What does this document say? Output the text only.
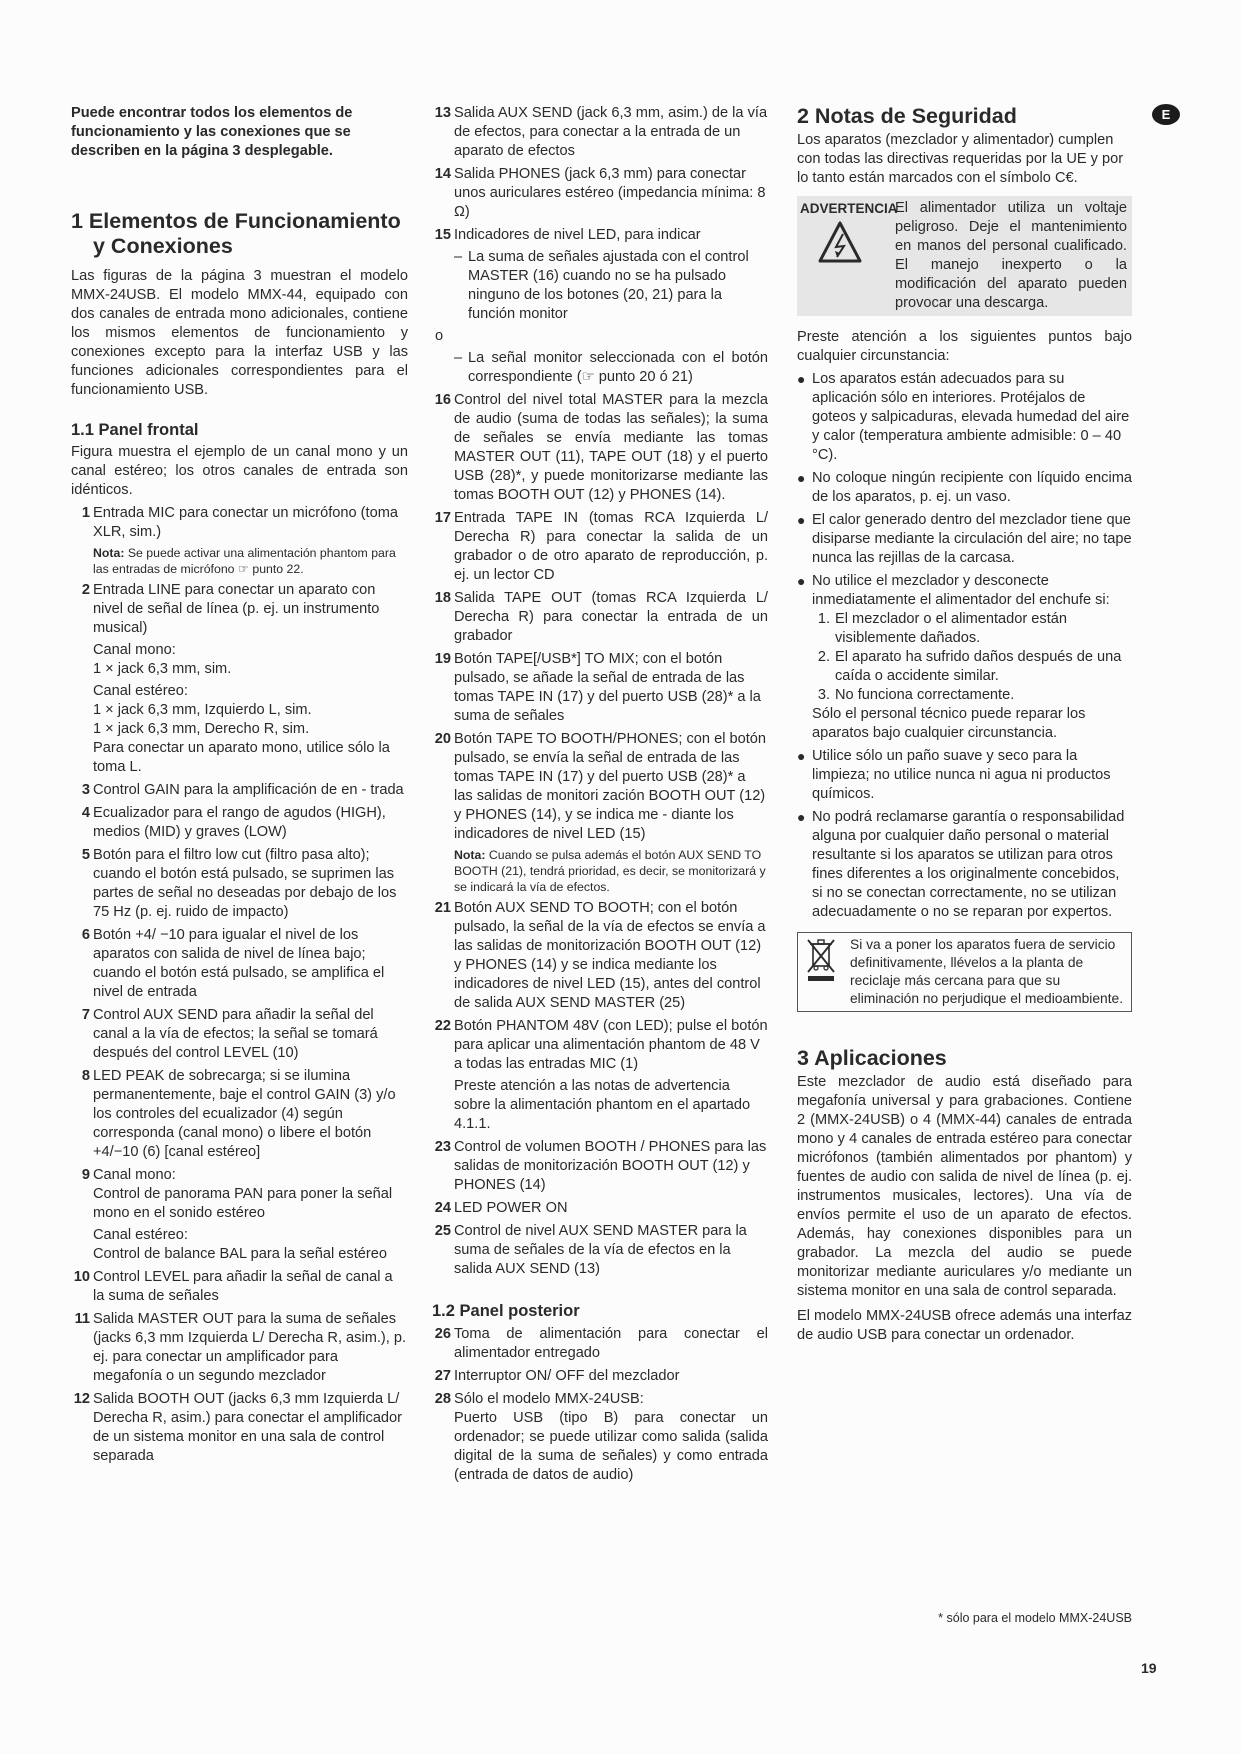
E

Puede encontrar todos los elementos de funcionamiento y las conexiones que se describen en la página 3 desplegable.

1 Elementos de Funcionamiento
y Conexiones

Las figuras de la página 3 muestran el modelo MMX-24USB. El modelo MMX-44, equipado con dos canales de entrada mono adicionales, contiene los mismos elementos de funcionamiento y conexiones excepto para la interfaz USB y las funciones adicionales correspondientes para el funcionamiento USB.

1.1 Panel frontal

Figura muestra el ejemplo de un canal mono y un canal estéreo; los otros canales de entrada son idénticos.

1 Entrada MIC para conectar un micrófono (toma XLR, sim.)

Nota: Se puede activar una alimentación phantom para las entradas de micrófono ☞ punto 22.

2 Entrada LINE para conectar un aparato con nivel de señal de línea (p. ej. un instrumento musical)

Canal mono:

1 × jack 6,3 mm, sim.

Canal estéreo:

1 × jack 6,3 mm, Izquierdo L, sim.

1 × jack 6,3 mm, Derecho R, sim.

Para conectar un aparato mono, utilice sólo la toma L.

3 Control GAIN para la amplificación de en - trada

4 Ecualizador para el rango de agudos (HIGH), medios (MID) y graves (LOW)

5 Botón para el filtro low cut (filtro pasa alto); cuando el botón está pulsado, se suprimen las partes de señal no deseadas por debajo de los 75 Hz (p. ej. ruido de impacto)

6 Botón +4/ −10 para igualar el nivel de los aparatos con salida de nivel de línea bajo; cuando el botón está pulsado, se amplifica el nivel de entrada

7 Control AUX SEND para añadir la señal del canal a la vía de efectos; la señal se tomará después del control LEVEL (10)

8 LED PEAK de sobrecarga; si se ilumina permanentemente, baje el control GAIN (3) y/o los controles del ecualizador (4) según corresponda (canal mono) o libere el botón +4/−10 (6) [canal estéreo]

9 Canal mono:

Control de panorama PAN para poner la señal mono en el sonido estéreo

Canal estéreo:

Control de balance BAL para la señal estéreo

10 Control LEVEL para añadir la señal de canal a la suma de señales

11 Salida MASTER OUT para la suma de señales (jacks 6,3 mm Izquierda L/ Derecha R, asim.), p. ej. para conectar un amplificador para megafonía o un segundo mezclador

12 Salida BOOTH OUT (jacks 6,3 mm Izquierda L/ Derecha R, asim.) para conectar el amplificador de un sistema monitor en una sala de control separada

13 Salida AUX SEND (jack 6,3 mm, asim.) de la vía de efectos, para conectar a la entrada de un aparato de efectos

14 Salida PHONES (jack 6,3 mm) para conectar unos auriculares estéreo (impedancia mínima: 8 Ω)

15 Indicadores de nivel LED, para indicar

– La suma de señales ajustada con el control MASTER (16) cuando no se ha pulsado ninguno de los botones (20, 21) para la función monitor

o

– La señal monitor seleccionada con el botón correspondiente (☞ punto 20 ó 21)

16 Control del nivel total MASTER para la mezcla de audio (suma de todas las señales); la suma de señales se envía mediante las tomas MASTER OUT (11), TAPE OUT (18) y el puerto USB (28)*, y puede monitorizarse mediante las tomas BOOTH OUT (12) y PHONES (14).

17 Entrada TAPE IN (tomas RCA Izquierda L/ Derecha R) para conectar la salida de un grabador o de otro aparato de reproducción, p. ej. un lector CD

18 Salida TAPE OUT (tomas RCA Izquierda L/ Derecha R) para conectar la entrada de un grabador

19 Botón TAPE[/USB*] TO MIX; con el botón pulsado, se añade la señal de entrada de las tomas TAPE IN (17) y del puerto USB (28)* a la suma de señales

20 Botón TAPE TO BOOTH/PHONES; con el botón pulsado, se envía la señal de entrada de las tomas TAPE IN (17) y del puerto USB (28)* a las salidas de monitori zación BOOTH OUT (12) y PHONES (14), y se indica me - diante los indicadores de nivel LED (15)

Nota: Cuando se pulsa además el botón AUX SEND TO BOOTH (21), tendrá prioridad, es decir, se monitorizará y se indicará la vía de efectos.

21 Botón AUX SEND TO BOOTH; con el botón pulsado, la señal de la vía de efectos se envía a las salidas de monitorización BOOTH OUT (12) y PHONES (14) y se indica mediante los indicadores de nivel LED (15), antes del control de salida AUX SEND MASTER (25)

22 Botón PHANTOM 48V (con LED); pulse el botón para aplicar una alimentación phantom de 48 V a todas las entradas MIC (1)

Preste atención a las notas de advertencia sobre la alimentación phantom en el apartado 4.1.1.

23 Control de volumen BOOTH / PHONES para las salidas de monitorización BOOTH OUT (12) y PHONES (14)

24 LED POWER ON

25 Control de nivel AUX SEND MASTER para la suma de señales de la vía de efectos en la salida AUX SEND (13)

1.2 Panel posterior
26 Toma de alimentación para conectar el alimentador entregado

27 Interruptor ON/ OFF del mezclador

28 Sólo el modelo MMX-24USB:

Puerto USB (tipo B) para conectar un ordenador; se puede utilizar como salida (salida digital de la suma de señales) y como entrada (entrada de datos de audio)

2 Notas de Seguridad

Los aparatos (mezclador y alimentador) cumplen con todas las directivas requeridas por la UE y por lo tanto están marcados con el símbolo C€.

ADVERTENCIA

El alimentador utiliza un voltaje peligroso. Deje el mantenimiento en manos del personal cualificado. El manejo inexperto o la modificación del aparato pueden provocar una descarga.

Preste atención a los siguientes puntos bajo cualquier circunstancia:

● Los aparatos están adecuados para su aplicación sólo en interiores. Protéjalos de goteos y salpicaduras, elevada humedad del aire y calor (temperatura ambiente admisible: 0 – 40 °C).

● No coloque ningún recipiente con líquido encima de los aparatos, p. ej. un vaso.

● El calor generado dentro del mezclador tiene que disiparse mediante la circulación del aire; no tape nunca las rejillas de la carcasa.

● No utilice el mezclador y desconecte inmediatamente el alimentador del enchufe si:

1. El mezclador o el alimentador están visiblemente dañados.

2. El aparato ha sufrido daños después de una caída o accidente similar.

3. No funciona correctamente.

Sólo el personal técnico puede reparar los aparatos bajo cualquier circunstancia.

● Utilice sólo un paño suave y seco para la limpieza; no utilice nunca ni agua ni productos químicos.

● No podrá reclamarse garantía o responsabilidad alguna por cualquier daño personal o material resultante si los aparatos se utilizan para otros fines diferentes a los originalmente concebidos, si no se conectan correctamente, no se utilizan adecuadamente o no se reparan por expertos.

Si va a poner los aparatos fuera de servicio definitivamente, llévelos a la planta de reciclaje más cercana para que su eliminación no perjudique el medioambiente.

3 Aplicaciones

Este mezclador de audio está diseñado para megafonía universal y para grabaciones. Contiene 2 (MMX-24USB) o 4 (MMX-44) canales de entrada mono y 4 canales de entrada estéreo para conectar micrófonos (también alimentados por phantom) y fuentes de audio con salida de nivel de línea (p. ej. instrumentos musicales, lectores). Una vía de envíos permite el uso de un aparato de efectos. Además, hay conexiones disponibles para un grabador. La mezcla del audio se puede monitorizar mediante auriculares y/o mediante un sistema monitor en una sala de control separada.

El modelo MMX-24USB ofrece además una interfaz de audio USB para conectar un ordenador.

* sólo para el modelo MMX-24USB
19
